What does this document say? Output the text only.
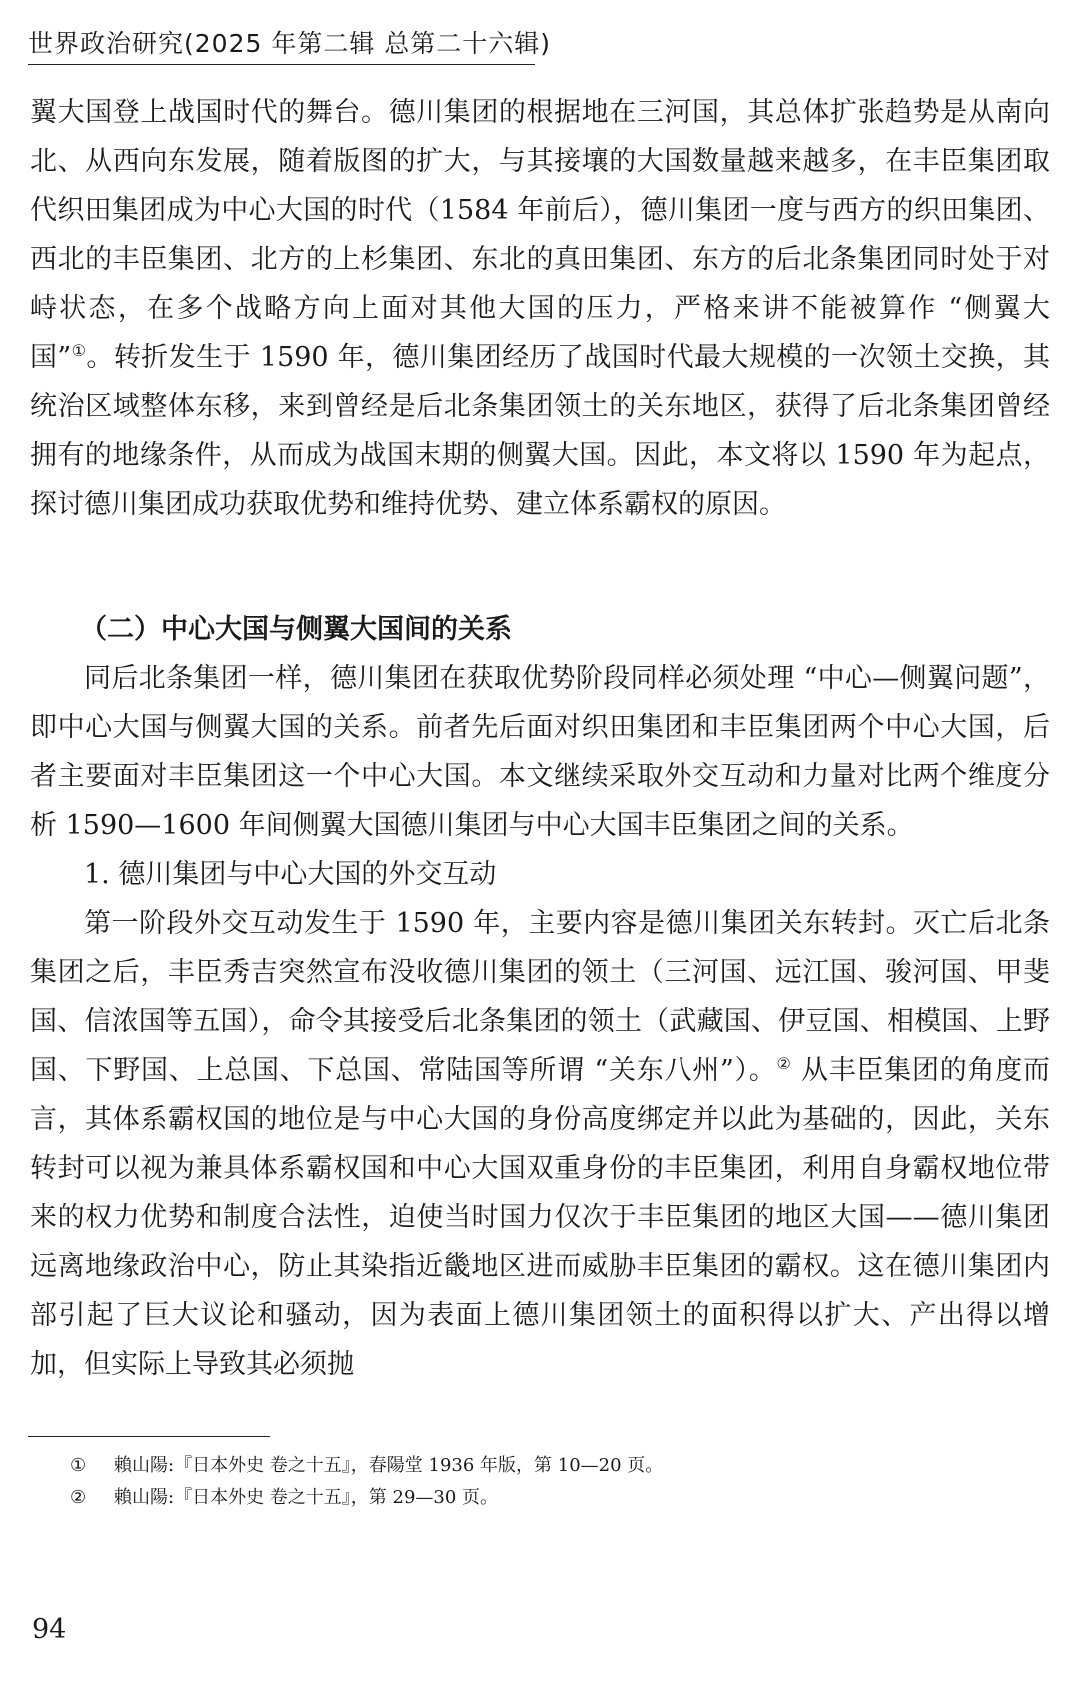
世界政治研究(2025 年第二辑 总第二十六辑)

翼大国登上战国时代的舞台。德川集团的根据地在三河国，其总体扩张趋势是从南向北、从西向东发展，随着版图的扩大，与其接壤的大国数量越来越多，在丰臣集团取代织田集团成为中心大国的时代（1584 年前后），德川集团一度与西方的织田集团、西北的丰臣集团、北方的上杉集团、东北的真田集团、东方的后北条集团同时处于对峙状态，在多个战略方向上面对其他大国的压力，严格来讲不能被算作 “侧翼大国”①。转折发生于 1590 年，德川集团经历了战国时代最大规模的一次领土交换，其统治区域整体东移，来到曾经是后北条集团领土的关东地区，获得了后北条集团曾经拥有的地缘条件，从而成为战国末期的侧翼大国。因此，本文将以 1590 年为起点，探讨德川集团成功获取优势和维持优势、建立体系霸权的原因。

（二）中心大国与侧翼大国间的关系

同后北条集团一样，德川集团在获取优势阶段同样必须处理 “中心—侧翼问题”，即中心大国与侧翼大国的关系。前者先后面对织田集团和丰臣集团两个中心大国，后者主要面对丰臣集团这一个中心大国。本文继续采取外交互动和力量对比两个维度分析 1590—1600 年间侧翼大国德川集团与中心大国丰臣集团之间的关系。

1. 德川集团与中心大国的外交互动

第一阶段外交互动发生于 1590 年，主要内容是德川集团关东转封。灭亡后北条集团之后，丰臣秀吉突然宣布没收德川集团的领土（三河国、远江国、骏河国、甲斐国、信浓国等五国），命令其接受后北条集团的领土（武藏国、伊豆国、相模国、上野国、下野国、上总国、下总国、常陆国等所谓 “关东八州”）。② 从丰臣集团的角度而言，其体系霸权国的地位是与中心大国的身份高度绑定并以此为基础的，因此，关东转封可以视为兼具体系霸权国和中心大国双重身份的丰臣集团，利用自身霸权地位带来的权力优势和制度合法性，迫使当时国力仅次于丰臣集团的地区大国——德川集团远离地缘政治中心，防止其染指近畿地区进而威胁丰臣集团的霸权。这在德川集团内部引起了巨大议论和骚动，因为表面上德川集团领土的面积得以扩大、产出得以增加，但实际上导致其必须抛

①	賴山陽:『日本外史 卷之十五』，春陽堂 1936 年版，第 10—20 页。
②	賴山陽:『日本外史 卷之十五』，第 29—30 页。
94
